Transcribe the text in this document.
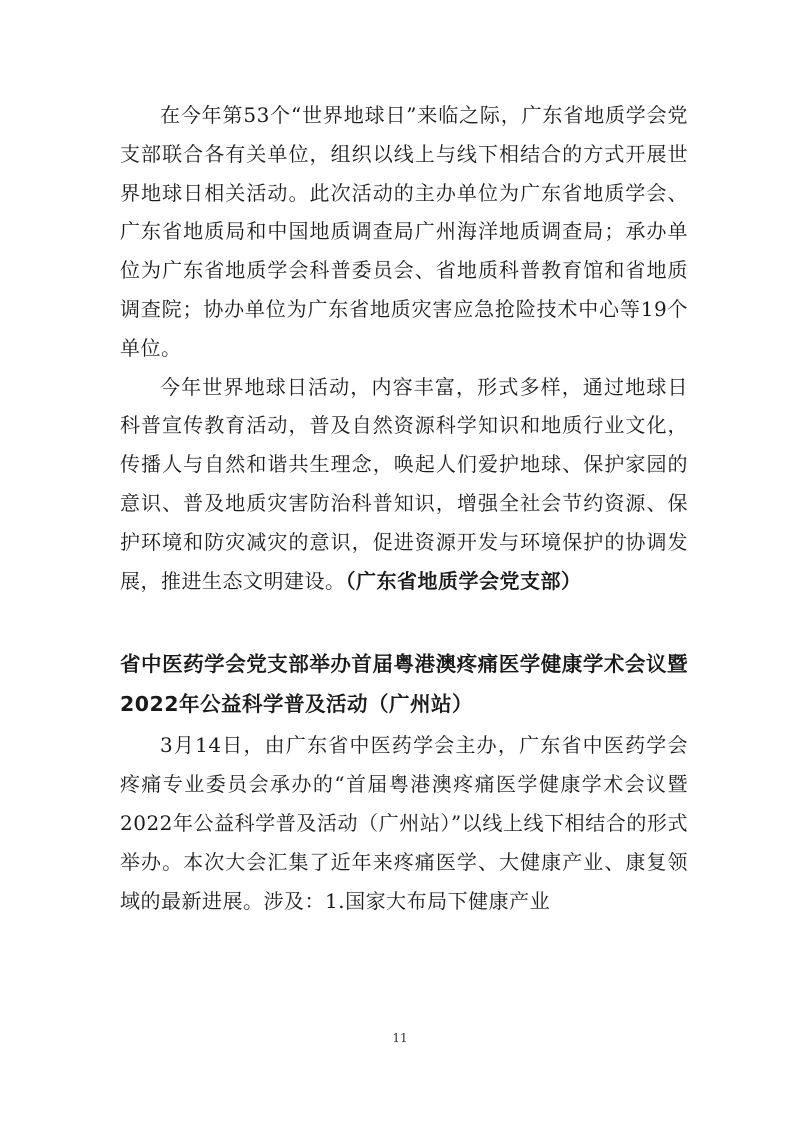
在今年第53个“世界地球日”来临之际，广东省地质学会党支部联合各有关单位，组织以线上与线下相结合的方式开展世界地球日相关活动。此次活动的主办单位为广东省地质学会、广东省地质局和中国地质调查局广州海洋地质调查局；承办单位为广东省地质学会科普委员会、省地质科普教育馆和省地质调查院；协办单位为广东省地质灾害应急抢险技术中心等19个单位。

今年世界地球日活动，内容丰富，形式多样，通过地球日科普宣传教育活动，普及自然资源科学知识和地质行业文化，传播人与自然和谐共生理念，唤起人们爱护地球、保护家园的意识、普及地质灾害防治科普知识，增强全社会节约资源、保护环境和防灾减灾的意识，促进资源开发与环境保护的协调发展，推进生态文明建设。（广东省地质学会党支部）

省中医药学会党支部举办首届粤港澳疼痛医学健康学术会议暨2022年公益科学普及活动（广州站）

3月14日，由广东省中医药学会主办，广东省中医药学会疼痛专业委员会承办的“首届粤港澳疼痛医学健康学术会议暨2022年公益科学普及活动（广州站）”以线上线下相结合的形式举办。本次大会汇集了近年来疼痛医学、大健康产业、康复领域的最新进展。涉及：1.国家大布局下健康产业

11
